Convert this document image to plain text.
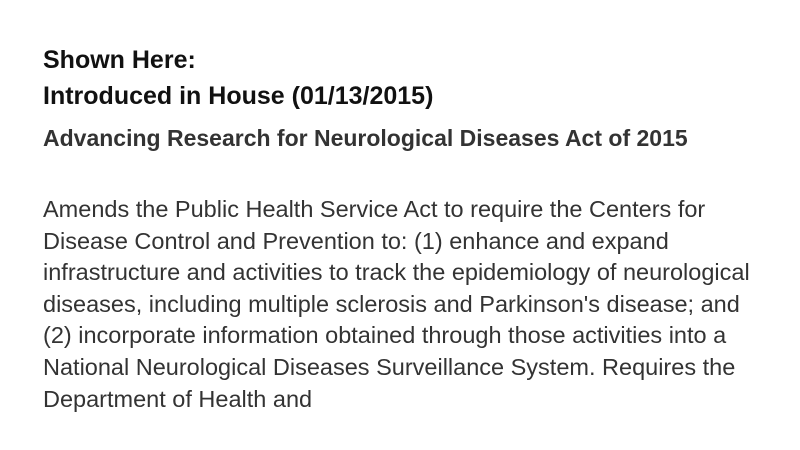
Shown Here:
Introduced in House (01/13/2015)
Advancing Research for Neurological Diseases Act of 2015

Amends the Public Health Service Act to require the Centers for Disease Control and Prevention to: (1) enhance and expand infrastructure and activities to track the epidemiology of neurological diseases, including multiple sclerosis and Parkinson's disease; and (2) incorporate information obtained through those activities into a National Neurological Diseases Surveillance System. Requires the Department of Health and
